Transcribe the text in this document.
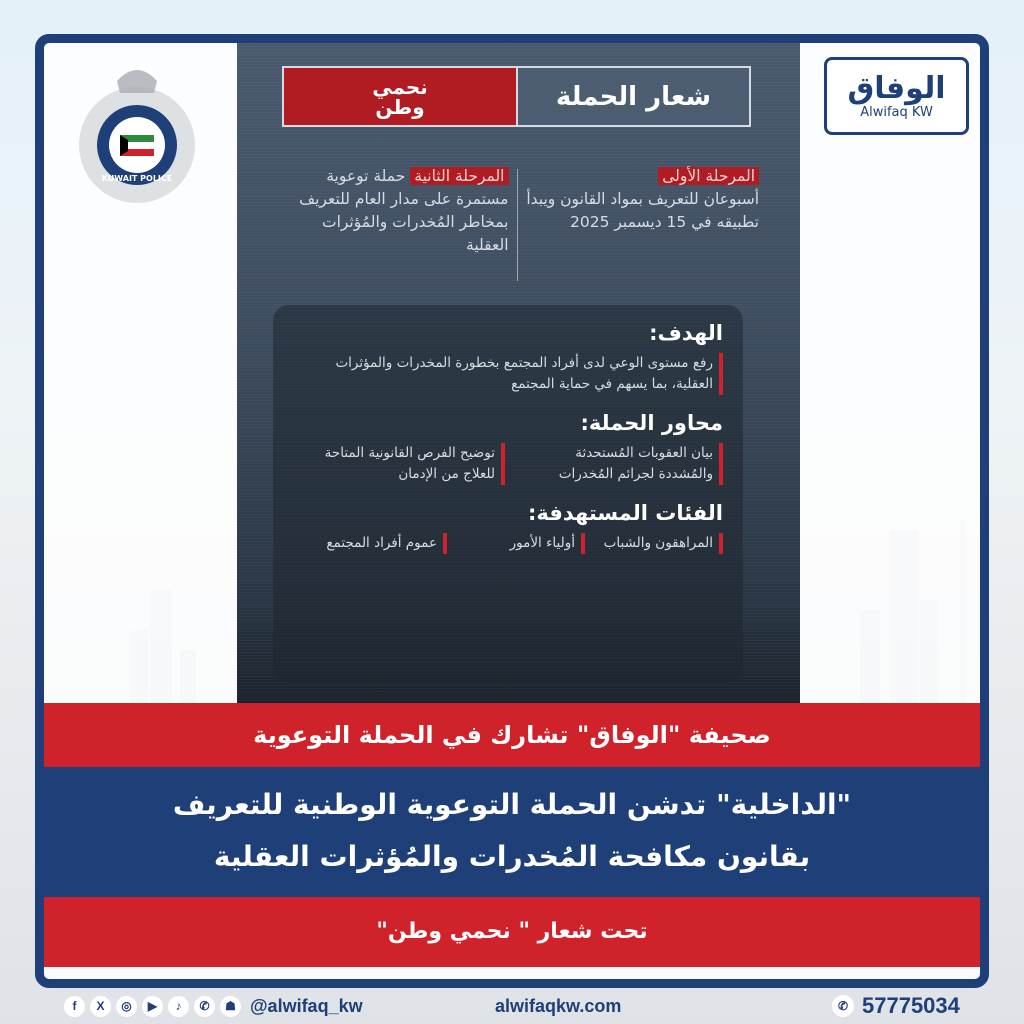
KUWAIT POLICE
الوفاق
Alwifaq KW
نحمي
وطن	شعار الحملة
المرحلة الأولى
أسبوعان للتعريف بمواد القانون ويبدأ تطبيقه في 15 ديسمبر 2025
المرحلة الثانية حملة توعوية مستمرة على مدار العام للتعريف بمخاطر المُخدرات والمُؤثرات العقلية
الهدف:
رفع مستوى الوعي لدى أفراد المجتمع بخطورة المخدرات والمؤثرات العقلية، بما يسهم في حماية المجتمع
محاور الحملة:
بيان العقوبات المُستحدثة والمُشددة لجرائم المُخدرات
توضيح الفرص القانونية المتاحة للعلاج من الإدمان
الفئات المستهدفة:
المراهقون والشباب
أولياء الأمور
عموم أفراد المجتمع
صحيفة "الوفاق" تشارك في الحملة التوعوية
"الداخلية" تدشن الحملة التوعوية الوطنية للتعريف
بقانون مكافحة المُخدرات والمُؤثرات العقلية
تحت شعار " نحمي وطن"
f	X	◎	▶	♪	✆	☗ @alwifaq_kw	alwifaqkw.com	✆ 57775034
